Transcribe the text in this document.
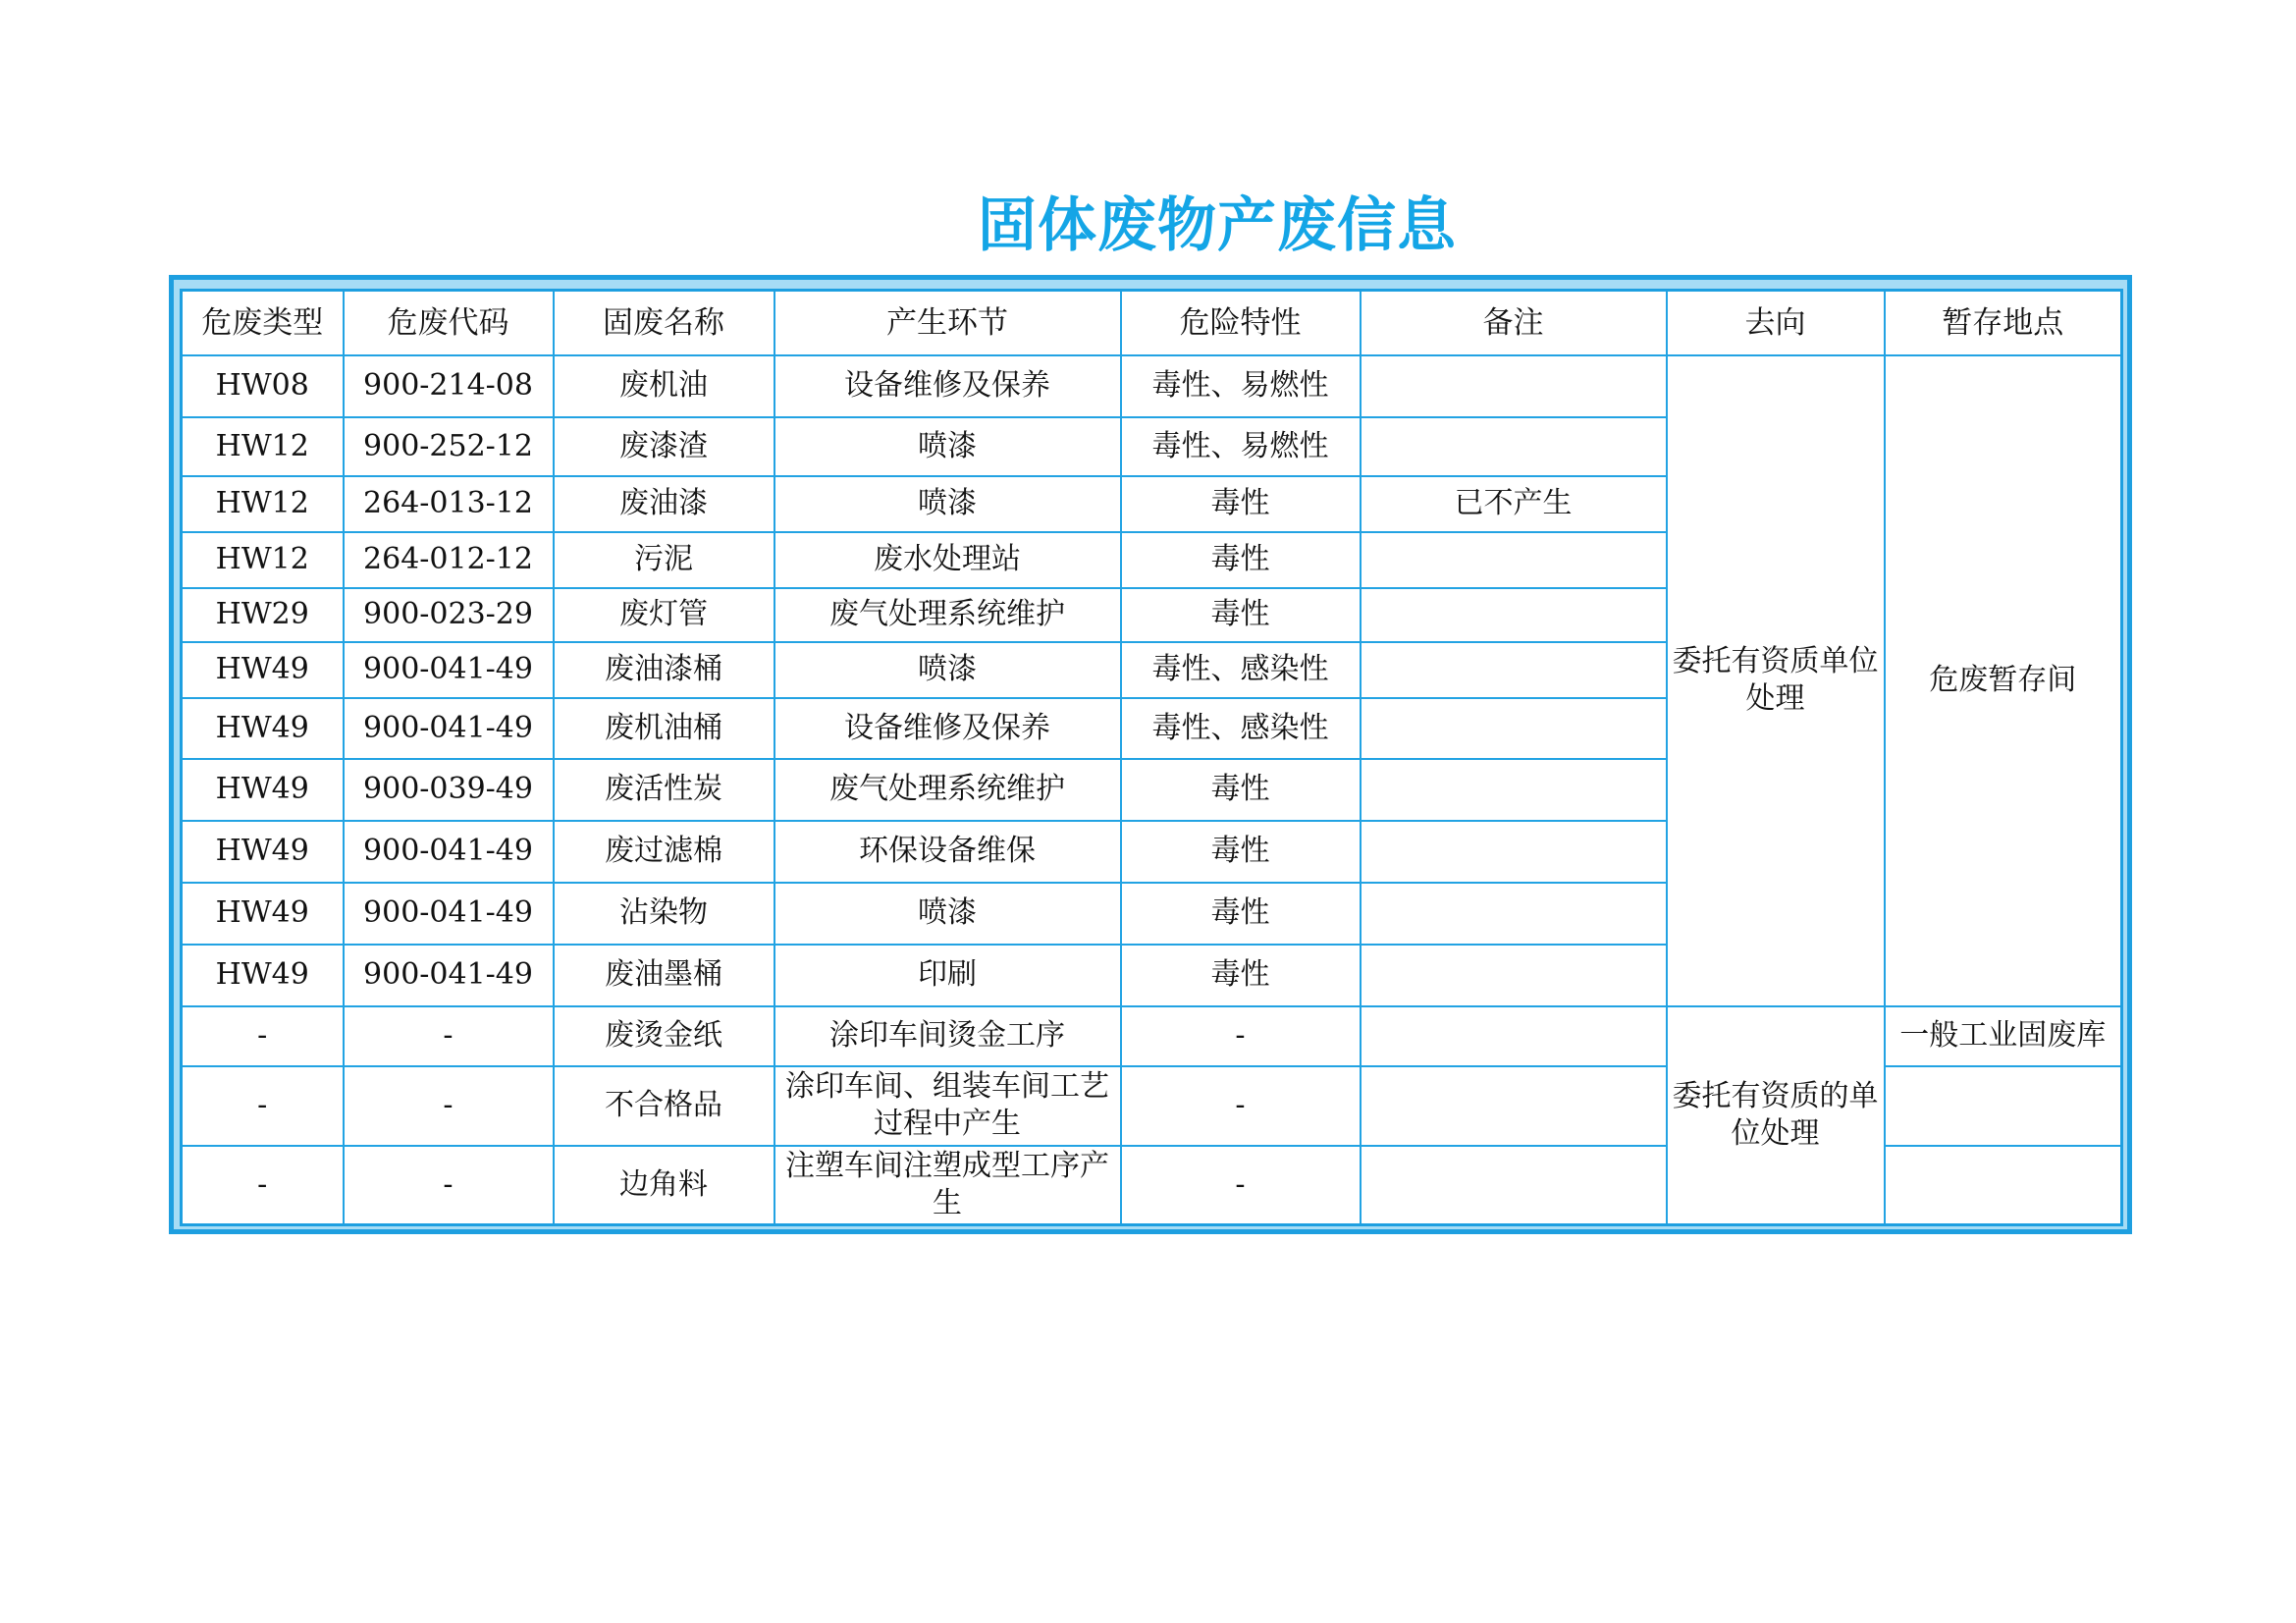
固体废物产废信息
危废类型	危废代码	固废名称	产生环节	危险特性	备注	去向	暂存地点
HW08	900-214-08	废机油	设备维修及保养	毒性、易燃性		委托有资质单位处理	危废暂存间
HW12	900-252-12	废漆渣	喷漆	毒性、易燃性			
HW12	264-013-12	废油漆	喷漆	毒性	已不产生		
HW12	264-012-12	污泥	废水处理站	毒性			
HW29	900-023-29	废灯管	废气处理系统维护	毒性			
HW49	900-041-49	废油漆桶	喷漆	毒性、感染性			
HW49	900-041-49	废机油桶	设备维修及保养	毒性、感染性			
HW49	900-039-49	废活性炭	废气处理系统维护	毒性			
HW49	900-041-49	废过滤棉	环保设备维保	毒性			
HW49	900-041-49	沾染物	喷漆	毒性			
HW49	900-041-49	废油墨桶	印刷	毒性			
-	-	废烫金纸	涂印车间烫金工序	-		委托有资质的单位处理	一般工业固废库
-	-	不合格品	涂印车间、组装车间工艺过程中产生	-			
-	-	边角料	注塑车间注塑成型工序产生	-			
